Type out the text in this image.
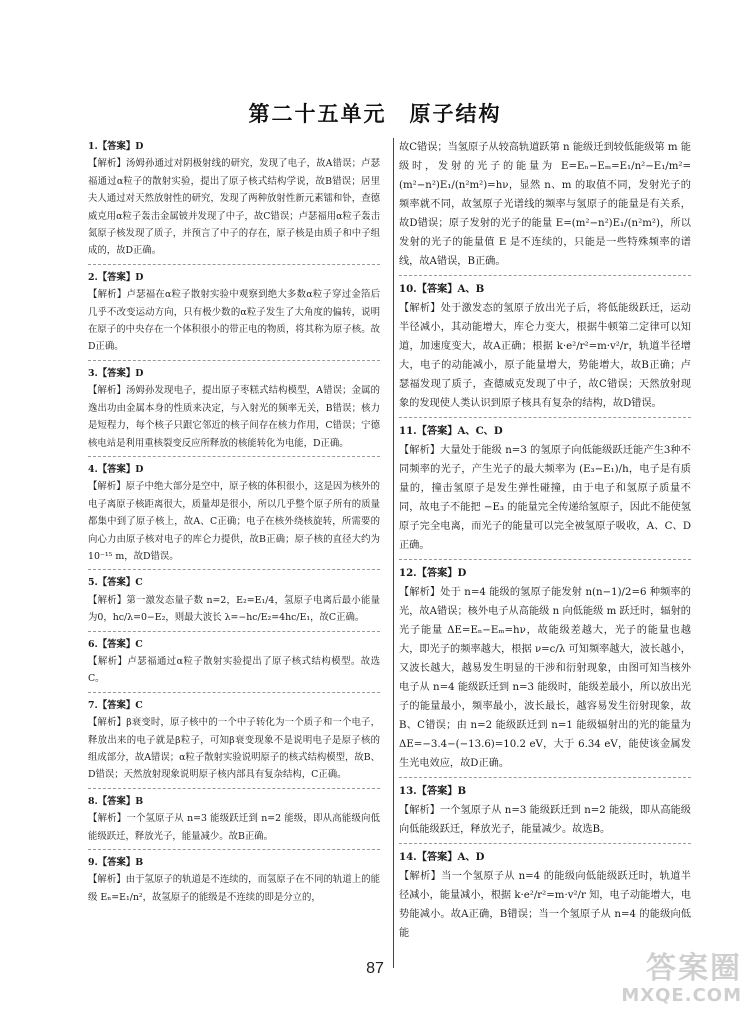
第二十五单元　原子结构
1.【答案】D
【解析】汤姆孙通过对阴极射线的研究，发现了电子，故A错误；卢瑟福通过α粒子的散射实验，提出了原子核式结构学说，故B错误；居里夫人通过对天然放射性的研究，发现了两种放射性新元素镭和钋，查德威克用α粒子轰击金属铍并发现了中子，故C错误；卢瑟福用α粒子轰击氮原子核发现了质子，并预言了中子的存在，原子核是由质子和中子组成的，故D正确。
2.【答案】D
【解析】卢瑟福在α粒子散射实验中观察到绝大多数α粒子穿过金箔后几乎不改变运动方向，只有极少数的α粒子发生了大角度的偏转，说明在原子的中央存在一个体积很小的带正电的物质，将其称为原子核。故D正确。
3.【答案】D
【解析】汤姆孙发现电子，提出原子枣糕式结构模型，A错误；金属的逸出功由金属本身的性质来决定，与入射光的频率无关，B错误；核力是短程力，每个核子只跟它邻近的核子间存在核力作用，C错误；宁德核电站是利用重核裂变反应所释放的核能转化为电能，D正确。
4.【答案】D
【解析】原子中绝大部分是空中，原子核的体积很小，这是因为核外的电子离原子核距离很大，质量却是很小，所以几乎整个原子所有的质量都集中到了原子核上，故A、C正确；电子在核外绕核旋转，所需要的向心力由原子核对电子的库仑力提供，故B正确；原子核的直径大约为10⁻¹⁵ m，故D错误。
5.【答案】C
【解析】第一激发态量子数 n=2，E₂=E₁/4，氢原子电离后最小能量为0，hc/λ=0−E₂，则最大波长 λ=−hc/E₂=4hc/E₁，故C正确。
6.【答案】C
【解析】卢瑟福通过α粒子散射实验提出了原子核式结构模型。故选C。
7.【答案】C
【解析】β衰变时，原子核中的一个中子转化为一个质子和一个电子，释放出来的电子就是β粒子，可知β衰变现象不是说明电子是原子核的组成部分，故A错误；α粒子散射实验说明原子的核式结构模型，故B、D错误；天然放射现象说明原子核内部具有复杂结构，C正确。
8.【答案】B
【解析】一个氢原子从 n=3 能级跃迁到 n=2 能级，即从高能级向低能级跃迁，释放光子，能量减少。故B正确。
9.【答案】B
【解析】由于氢原子的轨道是不连续的，而氢原子在不同的轨道上的能级 Eₙ=E₁/n²，故氢原子的能级是不连续的即是分立的，
故C错误；当氢原子从较高轨道跃第 n 能级迁到较低能级第 m 能级时，发射的光子的能量为 E=Eₙ−Eₘ=E₁/n²−E₁/m²=(m²−n²)E₁/(n²m²)=hν，显然 n、m 的取值不同，发射光子的频率就不同，故氢原子光谱线的频率与氢原子的能量是有关系，故D错误；原子发射的光子的能量 E=(m²−n²)E₁/(n²m²)，所以发射的光子的能量值 E 是不连续的，只能是一些特殊频率的谱线，故A错误，B正确。
10.【答案】A、B
【解析】处于激发态的氢原子放出光子后，将低能级跃迁，运动半径减小，其动能增大，库仑力变大，根据牛顿第二定律可以知道，加速度变大，故A正确；根据 k·e²/r²=m·v²/r，轨道半径增大，电子的动能减小，原子能量增大，势能增大，故B正确；卢瑟福发现了质子，查德威克发现了中子，故C错误；天然放射现象的发现使人类认识到原子核具有复杂的结构，故D错误。
11.【答案】A、C、D
【解析】大量处于能级 n=3 的氢原子向低能级跃迁能产生3种不同频率的光子，产生光子的最大频率为 (E₃−E₁)/h，电子是有质量的，撞击氢原子是发生弹性碰撞，由于电子和氢原子质量不同，故电子不能把 −E₃ 的能量完全传递给氢原子，因此不能使氢原子完全电离，而光子的能量可以完全被氢原子吸收，A、C、D正确。
12.【答案】D
【解析】处于 n=4 能级的氢原子能发射 n(n−1)/2=6 种频率的光，故A错误；核外电子从高能级 n 向低能级 m 跃迁时，辐射的光子能量 ΔE=Eₙ−Eₘ=hν，故能级差越大，光子的能量也越大，即光子的频率越大，根据 ν=c/λ 可知频率越大，波长越小，又波长越大，越易发生明显的干涉和衍射现象，由图可知当核外电子从 n=4 能级跃迁到 n=3 能级时，能级差最小，所以放出光子的能量最小，频率最小，波长最长，越容易发生衍射现象，故B、C错误；由 n=2 能级跃迁到 n=1 能级辐射出的光的能量为 ΔE=−3.4−(−13.6)=10.2 eV，大于 6.34 eV，能使该金属发生光电效应，故D正确。
13.【答案】B
【解析】一个氢原子从 n=3 能级跃迁到 n=2 能级，即从高能级向低能级跃迁，释放光子，能量减少。故选B。
14.【答案】A、D
【解析】当一个氢原子从 n=4 的能级向低能级跃迁时，轨道半径减小，能量减小，根据 k·e²/r²=m·v²/r 知，电子动能增大，电势能减小。故A正确，B错误；当一个氢原子从 n=4 的能级向低能
87	答案圈
MXQE.COM
